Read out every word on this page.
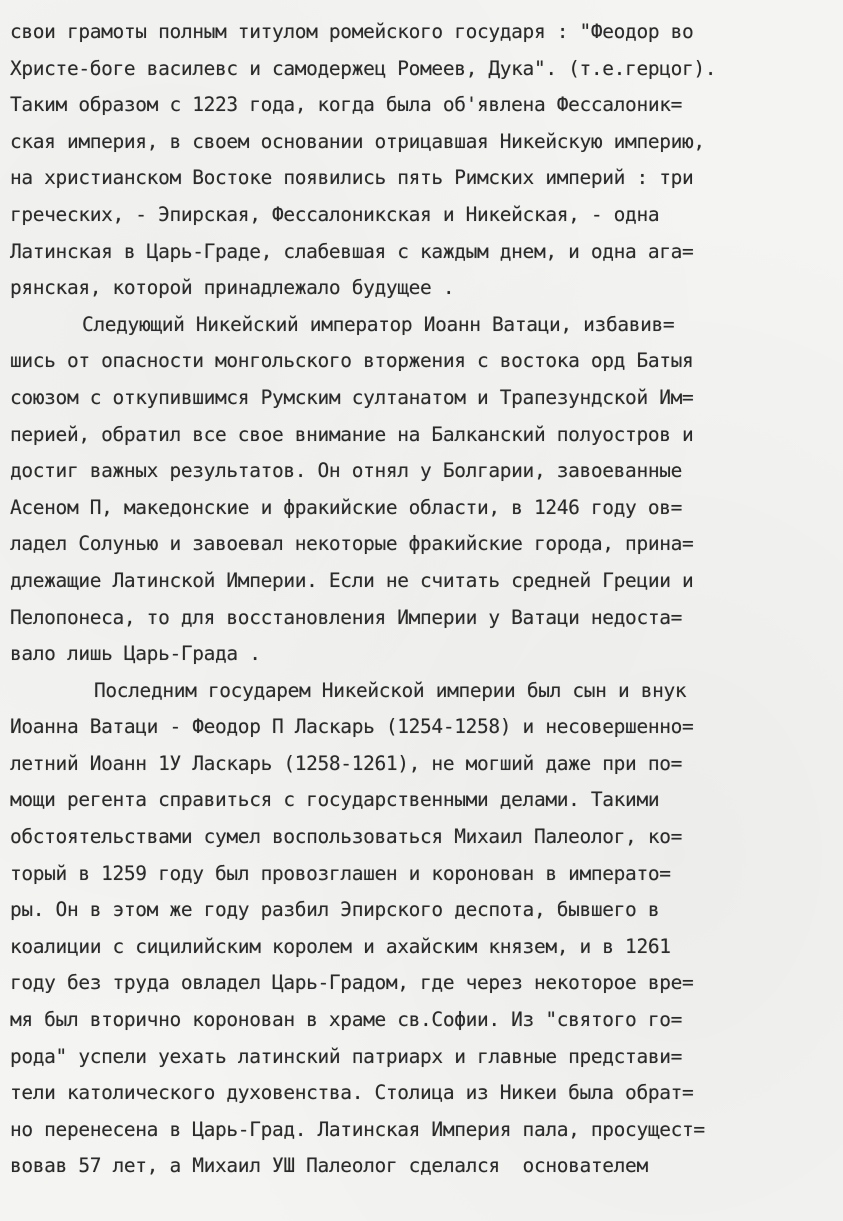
свои грамоты полным титулом ромейского государя : "Феодор во
Христе-боге василевс и самодержец Ромеев, Дука". (т.е.герцог).
Таким образом с 1223 года, когда была об'явлена Фессалоник=
ская империя, в своем основании отрицавшая Никейскую империю,
на христианском Востоке появились пять Римских империй : три
греческих, - Эпирская, Фессалоникская и Никейская, - одна
Латинская в Царь-Граде, слабевшая с каждым днем, и одна ага=
рянская, которой принадлежало будущее .
Следующий Никейский император Иоанн Ватаци, избавив=
шись от опасности монгольского вторжения с востока орд Батыя
союзом с откупившимся Румским султанатом и Трапезундской Им=
перией, обратил все свое внимание на Балканский полуостров и
достиг важных результатов. Он отнял у Болгарии, завоеванные
Асеном П, македонские и фракийские области, в 1246 году ов=
ладел Солунью и завоевал некоторые фракийские города, прина=
длежащие Латинской Империи. Если не считать средней Греции и
Пелопонеса, то для восстановления Империи у Ватаци недоста=
вало лишь Царь-Града .
Последним государем Никейской империи был сын и внук
Иоанна Ватаци - Феодор П Ласкарь (1254-1258) и несовершенно=
летний Иоанн 1У Ласкарь (1258-1261), не могший даже при по=
мощи регента справиться с государственными делами. Такими
обстоятельствами сумел воспользоваться Михаил Палеолог, ко=
торый в 1259 году был провозглашен и коронован в императо=
ры. Он в этом же году разбил Эпирского деспота, бывшего в
коалиции с сицилийским королем и ахайским князем, и в 1261
году без труда овладел Царь-Градом, где через некоторое вре=
мя был вторично коронован в храме св.Софии. Из "святого го=
рода" успели уехать латинский патриарх и главные представи=
тели католического духовенства. Столица из Никеи была обрат=
но перенесена в Царь-Град. Латинская Империя пала, просущест=
вовав 57 лет, а Михаил УШ Палеолог сделался  основателем
